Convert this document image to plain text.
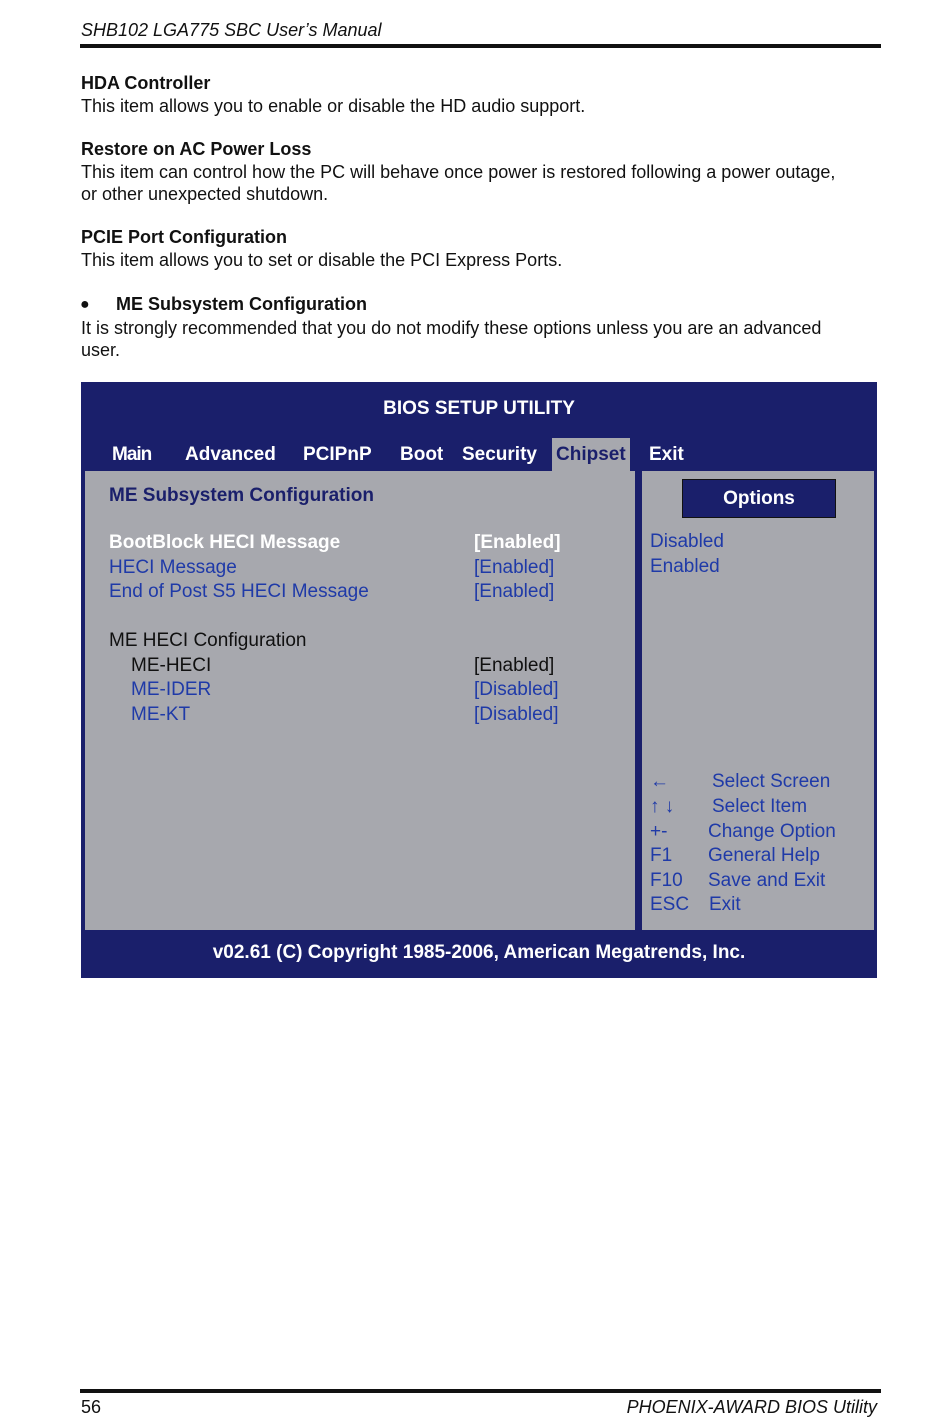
SHB102 LGA775 SBC User’s Manual
HDA Controller
This item allows you to enable or disable the HD audio support.
Restore on AC Power Loss
This item can control how the PC will behave once power is restored following a power outage,
or other unexpected shutdown.
PCIE Port Configuration
This item allows you to set or disable the PCI Express Ports.
● ME Subsystem Configuration
It is strongly recommended that you do not modify these options unless you are an advanced
user.
BIOS SETUP UTILITY
Main Advanced PCIPnP Boot Security Chipset Exit
ME Subsystem Configuration
BootBlock HECI Message	[Enabled]
HECI Message	[Enabled]
End of Post S5 HECI Message	[Enabled]
ME HECI Configuration
ME-HECI	[Enabled]
ME-IDER	[Disabled]
ME-KT	[Disabled]
Options
Disabled
Enabled
← Select Screen
↑ ↓ Select Item
+- Change Option
F1 General Help
F10 Save and Exit
ESC Exit
v02.61 (C) Copyright 1985-2006, American Megatrends, Inc.
56	PHOENIX-AWARD BIOS Utility
